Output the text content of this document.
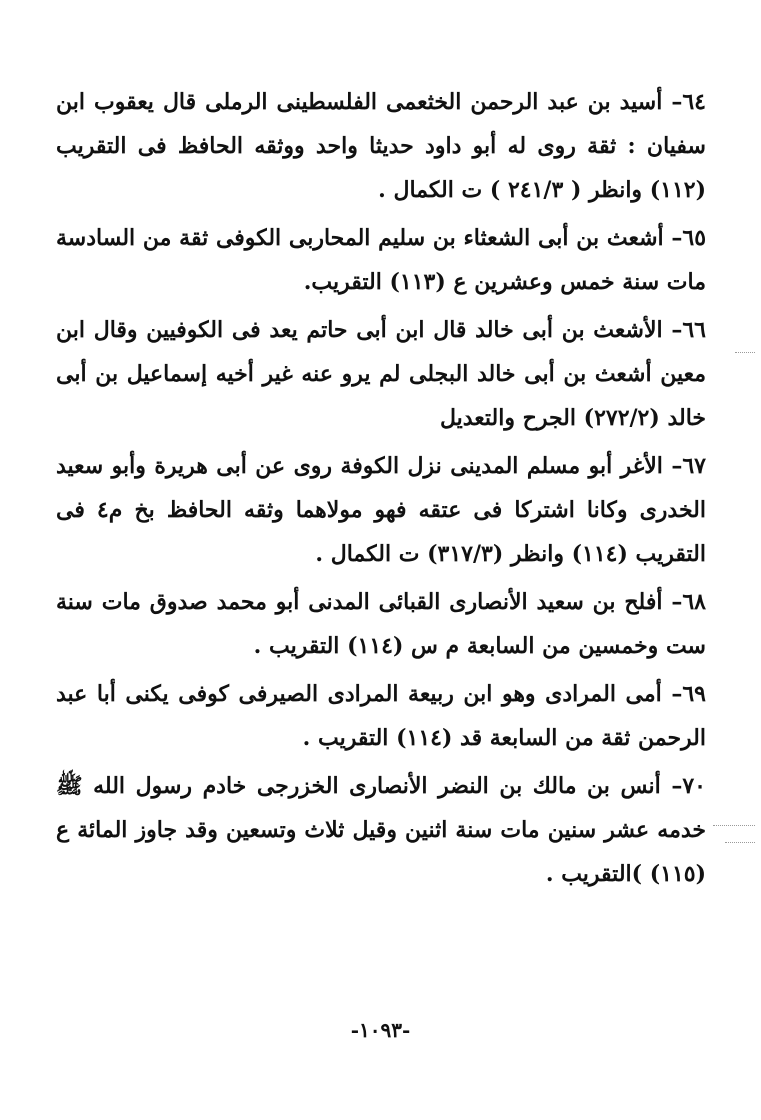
٦٤– أسيد بن عبد الرحمن الخثعمى الفلسطينى الرملى قال يعقوب ابن سفيان : ثقة روى له أبو داود حديثا واحد ووثقه الحافظ فى التقريب (١١٢) وانظر ( ٢٤١/٣ ) ت الكمال .

٦٥– أشعث بن أبى الشعثاء بن سليم المحاربى الكوفى ثقة من السادسة مات سنة خمس وعشرين ع (١١٣) التقريب.

٦٦– الأشعث بن أبى خالد قال ابن أبى حاتم يعد فى الكوفيين وقال ابن معين أشعث بن أبى خالد البجلى لم يرو عنه غير أخيه إسماعيل بن أبى خالد (٢٧٢/٢) الجرح والتعديل

٦٧– الأغر أبو مسلم المدينى نزل الكوفة روى عن أبى هريرة وأبو سعيد الخدرى وكانا اشتركا فى عتقه فهو مولاهما وثقه الحافظ بخ م٤ فى التقريب (١١٤) وانظر (٣١٧/٣) ت الكمال .

٦٨– أفلح بن سعيد الأنصارى القبائى المدنى أبو محمد صدوق مات سنة ست وخمسين من السابعة م س (١١٤) التقريب .

٦٩– أمى المرادى وهو ابن ربيعة المرادى الصيرفى كوفى يكنى أبا عبد الرحمن ثقة من السابعة قد (١١٤) التقريب .

٧٠– أنس بن مالك بن النضر الأنصارى الخزرجى خادم رسول الله ﷺ خدمه عشر سنين مات سنة اثنين وقيل ثلاث وتسعين وقد جاوز المائة ع (١١٥) )التقريب .

-١٠٩٣-
